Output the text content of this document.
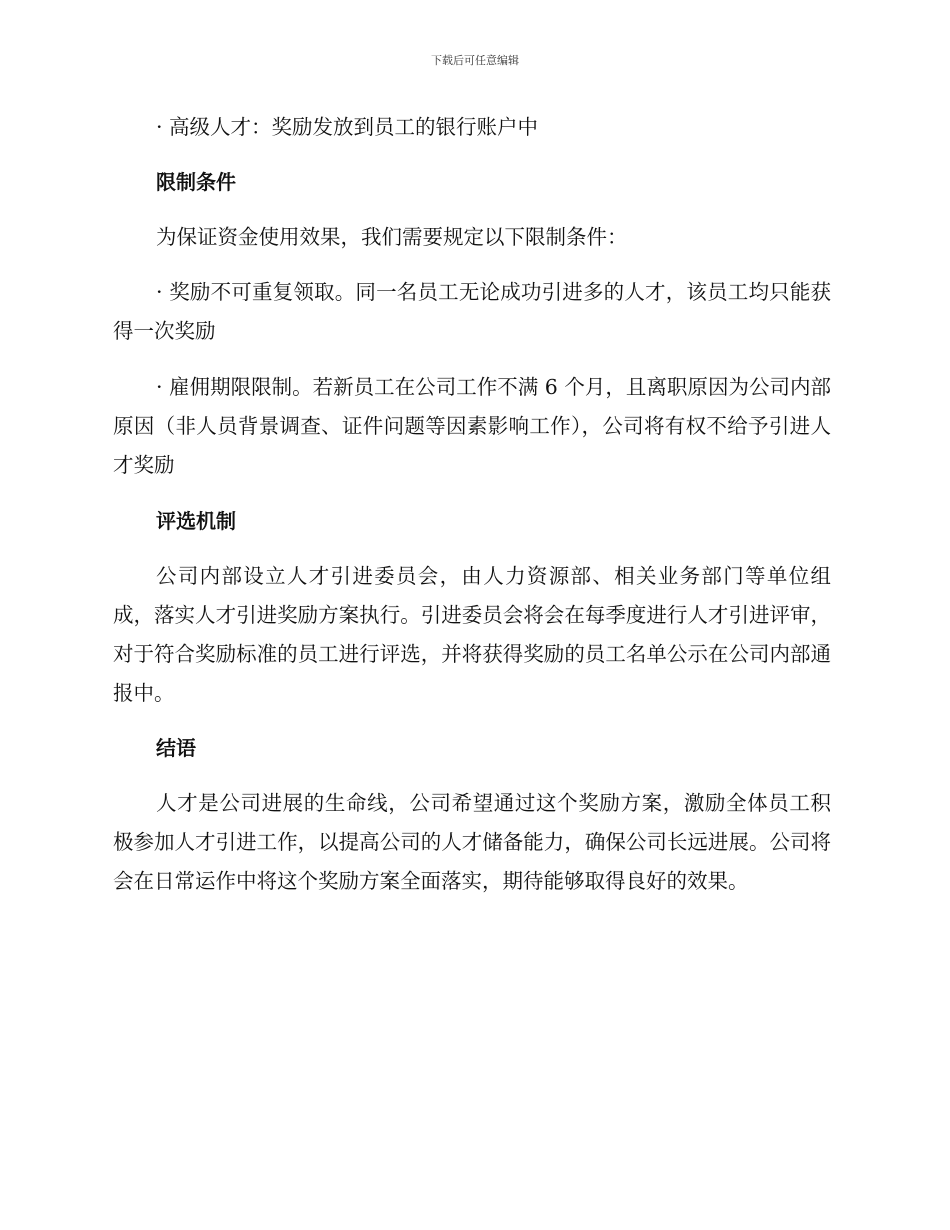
下载后可任意编辑

· 高级人才：奖励发放到员工的银行账户中

限制条件

为保证资金使用效果，我们需要规定以下限制条件：

· 奖励不可重复领取。同一名员工无论成功引进多的人才，该员工均只能获得一次奖励

· 雇佣期限限制。若新员工在公司工作不满 6 个月，且离职原因为公司内部原因（非人员背景调查、证件问题等因素影响工作），公司将有权不给予引进人才奖励

评选机制

公司内部设立人才引进委员会，由人力资源部、相关业务部门等单位组成，落实人才引进奖励方案执行。引进委员会将会在每季度进行人才引进评审，对于符合奖励标准的员工进行评选，并将获得奖励的员工名单公示在公司内部通报中。

结语

人才是公司进展的生命线，公司希望通过这个奖励方案，激励全体员工积极参加人才引进工作，以提高公司的人才储备能力，确保公司长远进展。公司将会在日常运作中将这个奖励方案全面落实，期待能够取得良好的效果。
